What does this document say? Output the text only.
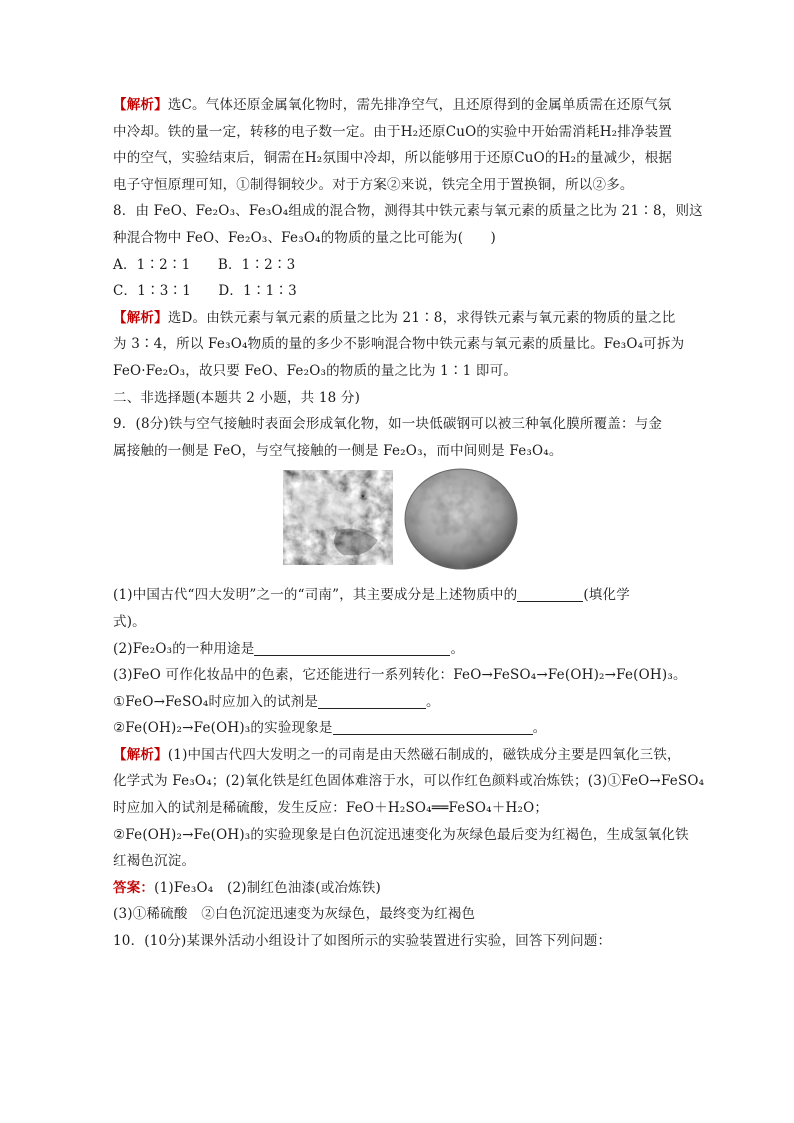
【解析】选C。气体还原金属氧化物时，需先排净空气，且还原得到的金属单质需在还原气氛
中冷却。铁的量一定，转移的电子数一定。由于H₂还原CuO的实验中开始需消耗H₂排净装置
中的空气，实验结束后，铜需在H₂氛围中冷却，所以能够用于还原CuO的H₂的量减少，根据
电子守恒原理可知，①制得铜较少。对于方案②来说，铁完全用于置换铜，所以②多。
8．由 FeO、Fe₂O₃、Fe₃O₄组成的混合物，测得其中铁元素与氧元素的质量之比为 21∶8，则这
种混合物中 FeO、Fe₂O₃、Fe₃O₄的物质的量之比可能为(　　)
A．1∶2∶1　　 B．1∶2∶3
C．1∶3∶1　　 D．1∶1∶3
【解析】选D。由铁元素与氧元素的质量之比为 21∶8，求得铁元素与氧元素的物质的量之比
为 3∶4，所以 Fe₃O₄物质的量的多少不影响混合物中铁元素与氧元素的质量比。Fe₃O₄可拆为
FeO·Fe₂O₃，故只要 FeO、Fe₂O₃的物质的量之比为 1∶1 即可。
二、非选择题(本题共 2 小题，共 18 分)
9．(8分)铁与空气接触时表面会形成氧化物，如一块低碳钢可以被三种氧化膜所覆盖：与金
属接触的一侧是 FeO，与空气接触的一侧是 Fe₂O₃，而中间则是 Fe₃O₄。
(1)中国古代“四大发明”之一的“司南”，其主要成分是上述物质中的	(填化学
式)。
(2)Fe₂O₃的一种用途是	。
(3)FeO 可作化妆品中的色素，它还能进行一系列转化：FeO→FeSO₄→Fe(OH)₂→Fe(OH)₃。
①FeO→FeSO₄时应加入的试剂是	。
②Fe(OH)₂→Fe(OH)₃的实验现象是	。
【解析】(1)中国古代四大发明之一的司南是由天然磁石制成的，磁铁成分主要是四氧化三铁，
化学式为 Fe₃O₄；(2)氧化铁是红色固体难溶于水，可以作红色颜料或冶炼铁；(3)①FeO→FeSO₄
时应加入的试剂是稀硫酸，发生反应：FeO＋H₂SO₄══FeSO₄＋H₂O；
②Fe(OH)₂→Fe(OH)₃的实验现象是白色沉淀迅速变化为灰绿色最后变为红褐色，生成氢氧化铁
红褐色沉淀。
答案：(1)Fe₃O₄　(2)制红色油漆(或冶炼铁)
(3)①稀硫酸　②白色沉淀迅速变为灰绿色，最终变为红褐色
10．(10分)某课外活动小组设计了如图所示的实验装置进行实验，回答下列问题：
